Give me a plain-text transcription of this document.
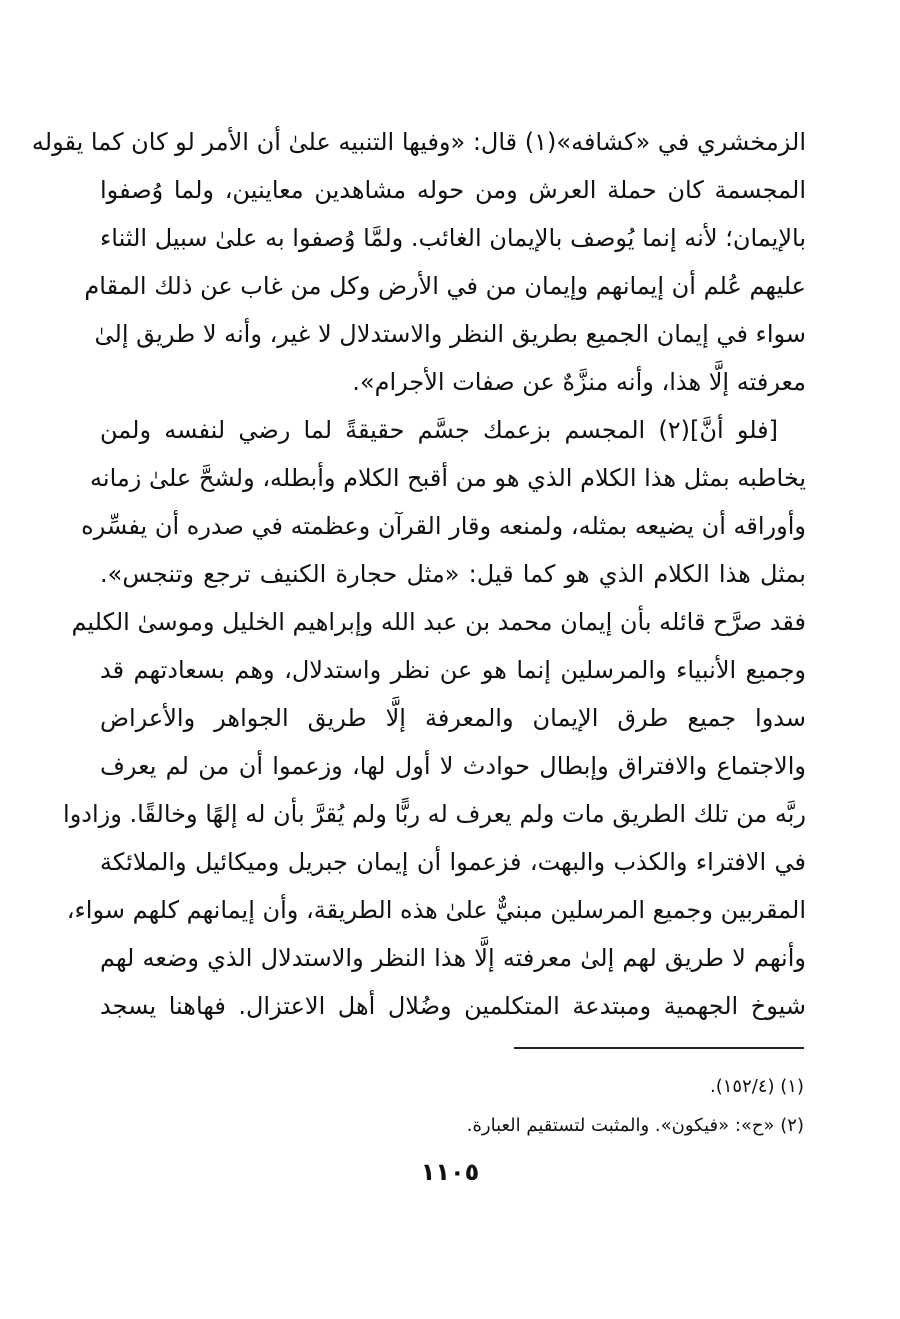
الزمخشري في «كشافه»(١) قال: «وفيها التنبيه علىٰ أن الأمر لو كان كما يقوله
المجسمة كان حملة العرش ومن حوله مشاهدين معاينين، ولما وُصفوا
بالإيمان؛ لأنه إنما يُوصف بالإيمان الغائب. ولمَّا وُصفوا به علىٰ سبيل الثناء
عليهم عُلم أن إيمانهم وإيمان من في الأرض وكل من غاب عن ذلك المقام
سواء في إيمان الجميع بطريق النظر والاستدلال لا غير، وأنه لا طريق إلىٰ
معرفته إلَّا هذا، وأنه منزَّهٌ عن صفات الأجرام».
[فلو أنَّ](٢) المجسم بزعمك جسَّم حقيقةً لما رضي لنفسه ولمن
يخاطبه بمثل هذا الكلام الذي هو من أقبح الكلام وأبطله، ولشحَّ علىٰ زمانه
وأوراقه أن يضيعه بمثله، ولمنعه وقار القرآن وعظمته في صدره أن يفسِّره
بمثل هذا الكلام الذي هو كما قيل: «مثل حجارة الكنيف ترجع وتنجس».
فقد صرَّح قائله بأن إيمان محمد بن عبد الله وإبراهيم الخليل وموسىٰ الكليم
وجميع الأنبياء والمرسلين إنما هو عن نظر واستدلال، وهم بسعادتهم قد
سدوا جميع طرق الإيمان والمعرفة إلَّا طريق الجواهر والأعراض
والاجتماع والافتراق وإبطال حوادث لا أول لها، وزعموا أن من لم يعرف
ربَّه من تلك الطريق مات ولم يعرف له ربًّا ولم يُقرَّ بأن له إلهًا وخالقًا. وزادوا
في الافتراء والكذب والبهت، فزعموا أن إيمان جبريل وميكائيل والملائكة
المقربين وجميع المرسلين مبنيٌّ علىٰ هذه الطريقة، وأن إيمانهم كلهم سواء،
وأنهم لا طريق لهم إلىٰ معرفته إلَّا هذا النظر والاستدلال الذي وضعه لهم
شيوخ الجهمية ومبتدعة المتكلمين وضُلال أهل الاعتزال. فهاهنا يسجد
(١) (١٥٢/٤).
(٢) «ح»: «فيكون». والمثبت لتستقيم العبارة.
١١٠٥
